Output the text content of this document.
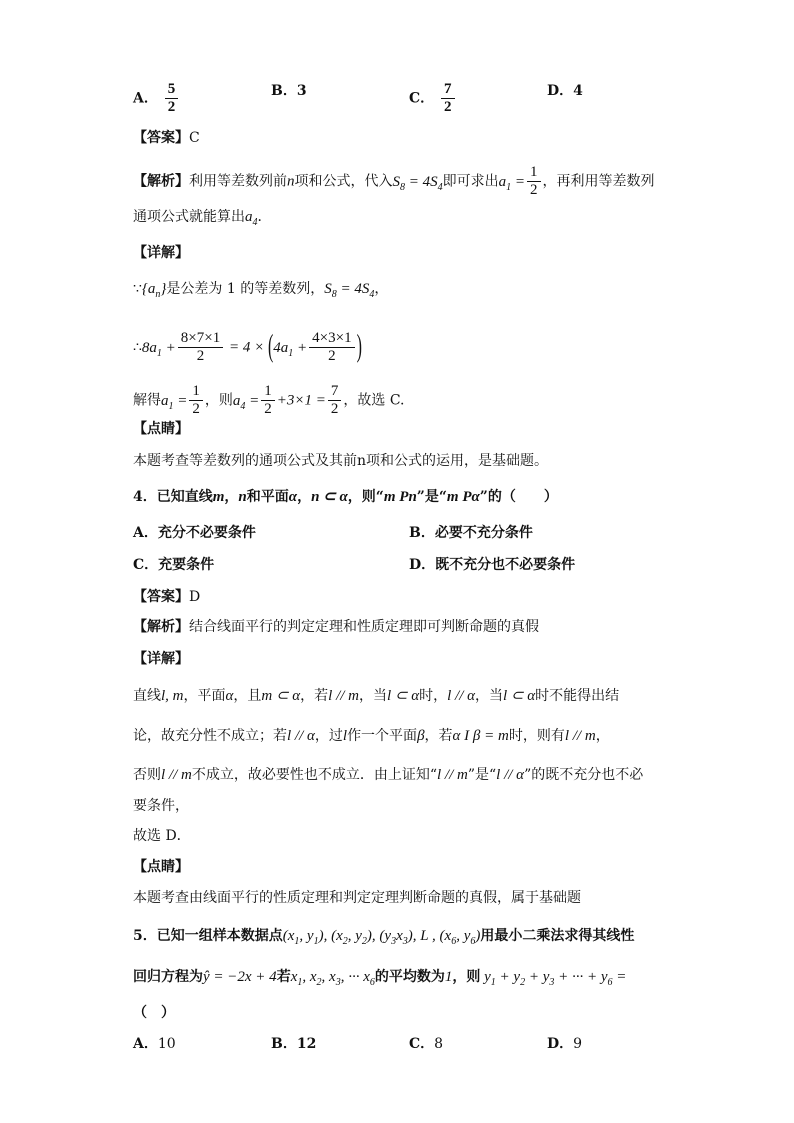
A． $\frac{5}{2}$	B．3	C． $\frac{7}{2}$	D．4
【答案】C
【解析】利用等差数列前n项和公式，代入$S_8 = 4S_4$即可求出$a_1 = \frac{1}{2}$ ，再利用等差数列
通项公式就能算出$a_4$．
【详解】
$\because\{a_n\}$是公差为 1 的等差数列，$S_8 = 4S_4$，
$\therefore 8a_1 + \frac{8\times 7\times 1}{2} = 4 \times (4a_1 + \frac{4\times 3\times 1}{2}$ )
解得$a_1 = \frac{1}{2}$ ，则$a_4 = \frac{1}{2} +3\times 1 = \frac{7}{2}$ ，故选 C.
【点睛】
本题考查等差数列的通项公式及其前n项和公式的运用，是基础题。
4．已知直线m，n和平面α，n ⊂ α，则“m Pn”是“m Pα”的（　　）
A．充分不必要条件	B．必要不充分条件
C．充要条件	D．既不充分也不必要条件
【答案】D
【解析】结合线面平行的判定定理和性质定理即可判断命题的真假
【详解】
直线l, m，平面α，且m ⊂ α，若l // m，当l ⊂ α时，l // α，当l ⊂ α时不能得出结
论，故充分性不成立；若l // α，过l作一个平面β，若α I β = m时，则有l // m，
否则l // m不成立，故必要性也不成立．由上证知“l // m”是“l // α”的既不充分也不必
要条件，
故选 D．
【点睛】
本题考查由线面平行的性质定理和判定定理判断命题的真假，属于基础题
5．已知一组样本数据点($x_1$, $y_1$), ($x_2$, $y_2$), $(y_3x_3)$, L , ($x_6$, $y_6$)用最小二乘法求得其线性
回归方程为ŷ = −2x + 4若$x_1$, $x_2$, $x_3$, ··· $x_6$的平均数为1，则 $y_1 + y_2 + y_3$ + ··· + $y_6$ =
（　）
A．10	B．12	C．8	D．9
